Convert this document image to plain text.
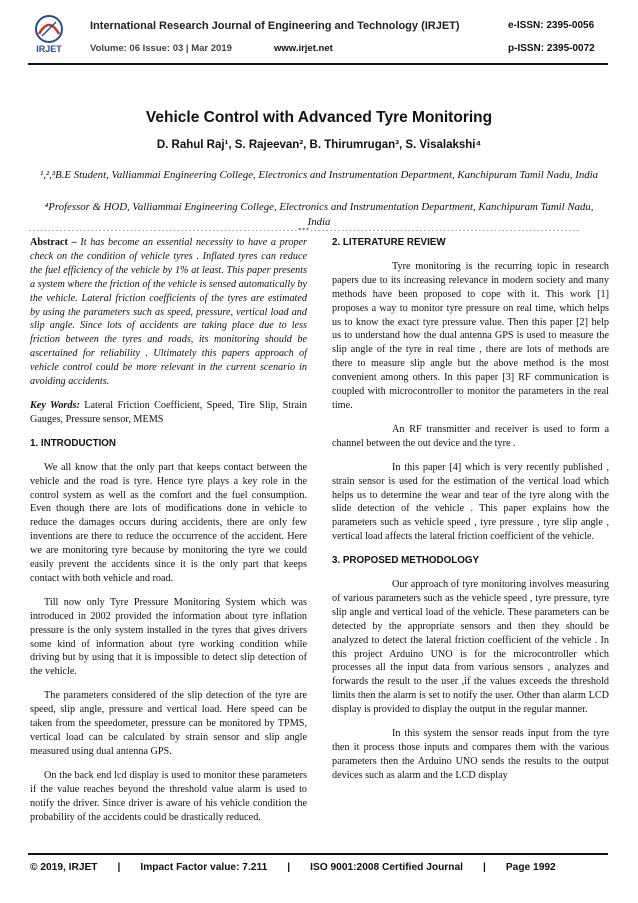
IRJET
International Research Journal of Engineering and Technology (IRJET)	e-ISSN: 2395-0056
Volume: 06 Issue: 03 | Mar 2019	www.irjet.net	p-ISSN: 2395-0072
Vehicle Control with Advanced Tyre Monitoring
D. Rahul Raj¹, S. Rajeevan², B. Thirumrugan³, S. Visalakshi⁴
¹,²,³B.E Student, Valliammai Engineering College, Electronics and Instrumentation Department, Kanchipuram Tamil Nadu, India
⁴Professor & HOD, Valliammai Engineering College, Electronics and Instrumentation Department, Kanchipuram Tamil Nadu, India
---------------------------------------------------------------------***---------------------------------------------------------------------

Abstract – It has become an essential necessity to have a proper check on the condition of vehicle tyres . Inflated tyres can reduce the fuel efficiency of the vehicle by 1% at least. This paper presents a system where the friction of the vehicle is sensed automatically by the vehicle. Lateral friction coefficients of the tyres are estimated by using the parameters such as speed, pressure, vertical load and slip angle. Since lots of accidents are taking place due to less friction between the tyres and roads, its monitoring should be ascertained for reliability . Ultimately this papers approach of vehicle control could be more relevant in the current scenario in avoiding accidents.

Key Words: Lateral Friction Coefficient, Speed, Tire Slip, Strain Gauges, Pressure sensor, MEMS

1. INTRODUCTION

We all know that the only part that keeps contact between the vehicle and the road is tyre. Hence tyre plays a key role in the control system as well as the comfort and the fuel consumption. Even though there are lots of modifications done in vehicle to reduce the damages occurs during accidents, there are only few inventions are there to reduce the occurrence of the accident. Here we are monitoring tyre because by monitoring the tyre we could easily prevent the accidents since it is the only part that keeps contact with both vehicle and road.

Till now only Tyre Pressure Monitoring System which was introduced in 2002 provided the information about tyre inflation pressure is the only system installed in the tyres that gives drivers some kind of information about tyre working condition while driving but by using that it is impossible to detect slip detection of the vehicle.

The parameters considered of the slip detection of the tyre are speed, slip angle, pressure and vertical load. Here speed can be taken from the speedometer, pressure can be monitored by TPMS, vertical load can be calculated by strain sensor and slip angle measured using dual antenna GPS.

On the back end lcd display is used to monitor these parameters if the value reaches beyond the threshold value alarm is used to notify the driver. Since driver is aware of his vehicle condition the probability of the accidents could be drastically reduced.

2. LITERATURE REVIEW

Tyre monitoring is the recurring topic in research papers due to its increasing relevance in modern society and many methods have been proposed to cope with it. This work [1] proposes a way to monitor tyre pressure on real time, which helps us to know the exact tyre pressure value. Then this paper [2] help us to understand how the dual antenna GPS is used to measure the slip angle of the tyre in real time , there are lots of methods are there to measure slip angle but the above method is the most convenient among others. In this paper [3] RF communication is coupled with microcontroller to monitor the parameters in the real time.

An RF transmitter and receiver is used to form a channel between the out device and the tyre .

In this paper [4] which is very recently published , strain sensor is used for the estimation of the vertical load which helps us to determine the wear and tear of the tyre along with the slide detection of the vehicle . This paper explains how the parameters such as vehicle speed , tyre pressure , tyre slip angle , vertical load affects the lateral friction coefficient of the vehicle.

3. PROPOSED METHODOLOGY

Our approach of tyre monitoring involves measuring of various parameters such as the vehicle speed , tyre pressure, tyre slip angle and vertical load of the vehicle. These parameters can be detected by the appropriate sensors and then they should be analyzed to detect the lateral friction coefficient of the vehicle . In this project Arduino UNO is for the microcontroller which processes all the input data from various sensors , analyzes and forwards the result to the user ,if the values exceeds the threshold limits then the alarm is set to notify the user. Other than alarm LCD display is provided to display the output in the regular manner.

In this system the sensor reads input from the tyre then it process those inputs and compares them with the various parameters then the Arduino UNO sends the results to the output devices such as alarm and the LCD display

© 2019, IRJET | Impact Factor value: 7.211 | ISO 9001:2008 Certified Journal | Page 1992
